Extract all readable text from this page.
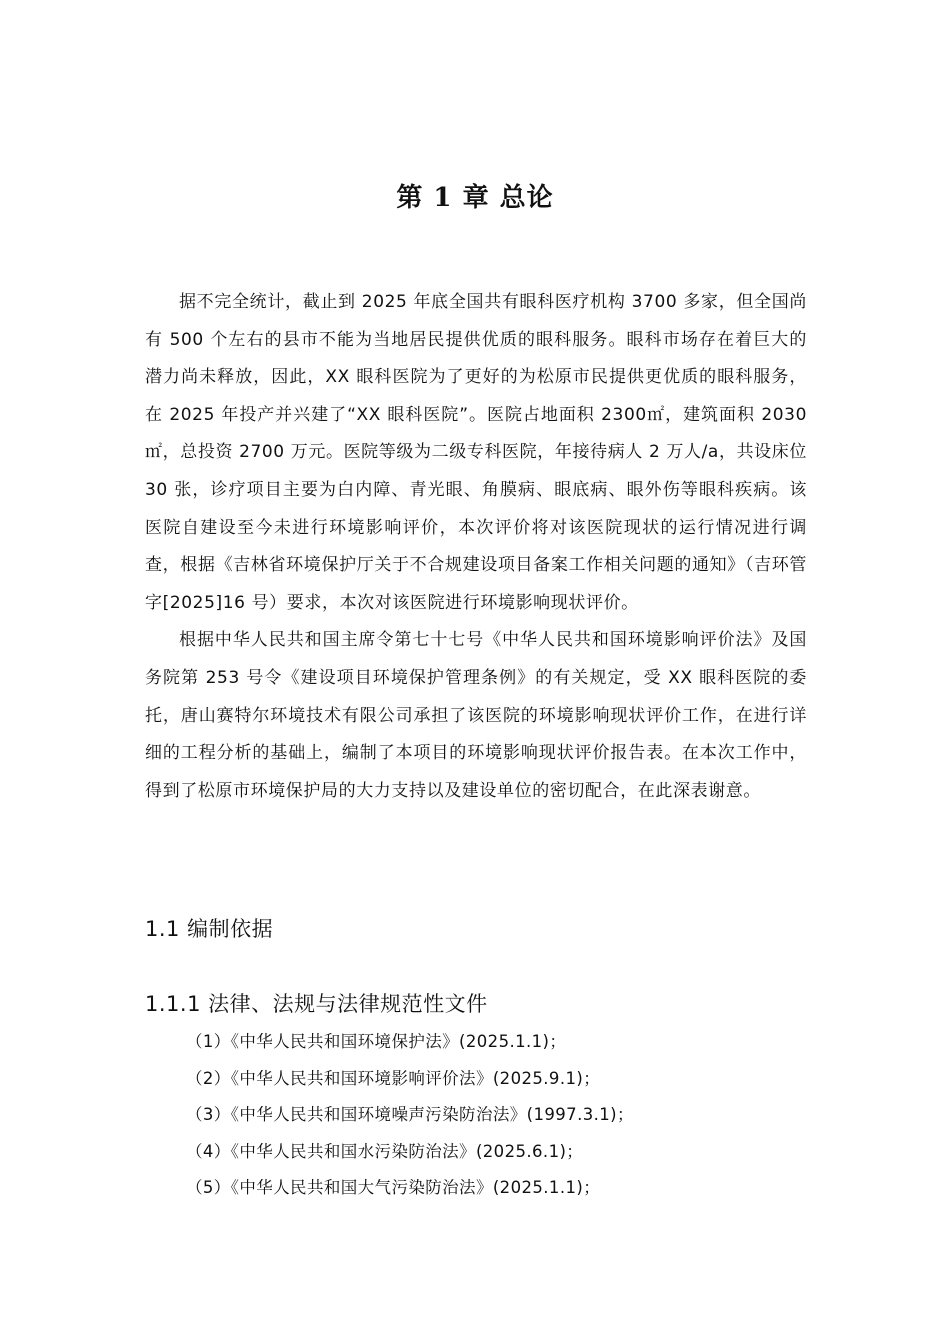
第 1 章 总论

据不完全统计，截止到 2025 年底全国共有眼科医疗机构 3700 多家，但全国尚有 500 个左右的县市不能为当地居民提供优质的眼科服务。眼科市场存在着巨大的潜力尚未释放，因此，XX 眼科医院为了更好的为松原市民提供更优质的眼科服务，在 2025 年投产并兴建了“XX 眼科医院”。医院占地面积 2300㎡，建筑面积 2030㎡，总投资 2700 万元。医院等级为二级专科医院，年接待病人 2 万人/a，共设床位 30 张，诊疗项目主要为白内障、青光眼、角膜病、眼底病、眼外伤等眼科疾病。该医院自建设至今未进行环境影响评价，本次评价将对该医院现状的运行情况进行调查，根据《吉林省环境保护厅关于不合规建设项目备案工作相关问题的通知》（吉环管字[2025]16 号）要求，本次对该医院进行环境影响现状评价。

根据中华人民共和国主席令第七十七号《中华人民共和国环境影响评价法》及国务院第 253 号令《建设项目环境保护管理条例》的有关规定，受 XX 眼科医院的委托，唐山赛特尔环境技术有限公司承担了该医院的环境影响现状评价工作，在进行详细的工程分析的基础上，编制了本项目的环境影响现状评价报告表。在本次工作中，得到了松原市环境保护局的大力支持以及建设单位的密切配合，在此深表谢意。

1.1 编制依据
1.1.1 法律、法规与法律规范性文件
（1）《中华人民共和国环境保护法》(2025.1.1)；
（2）《中华人民共和国环境影响评价法》(2025.9.1)；
（3）《中华人民共和国环境噪声污染防治法》(1997.3.1)；
（4）《中华人民共和国水污染防治法》(2025.6.1)；
（5）《中华人民共和国大气污染防治法》(2025.1.1)；
